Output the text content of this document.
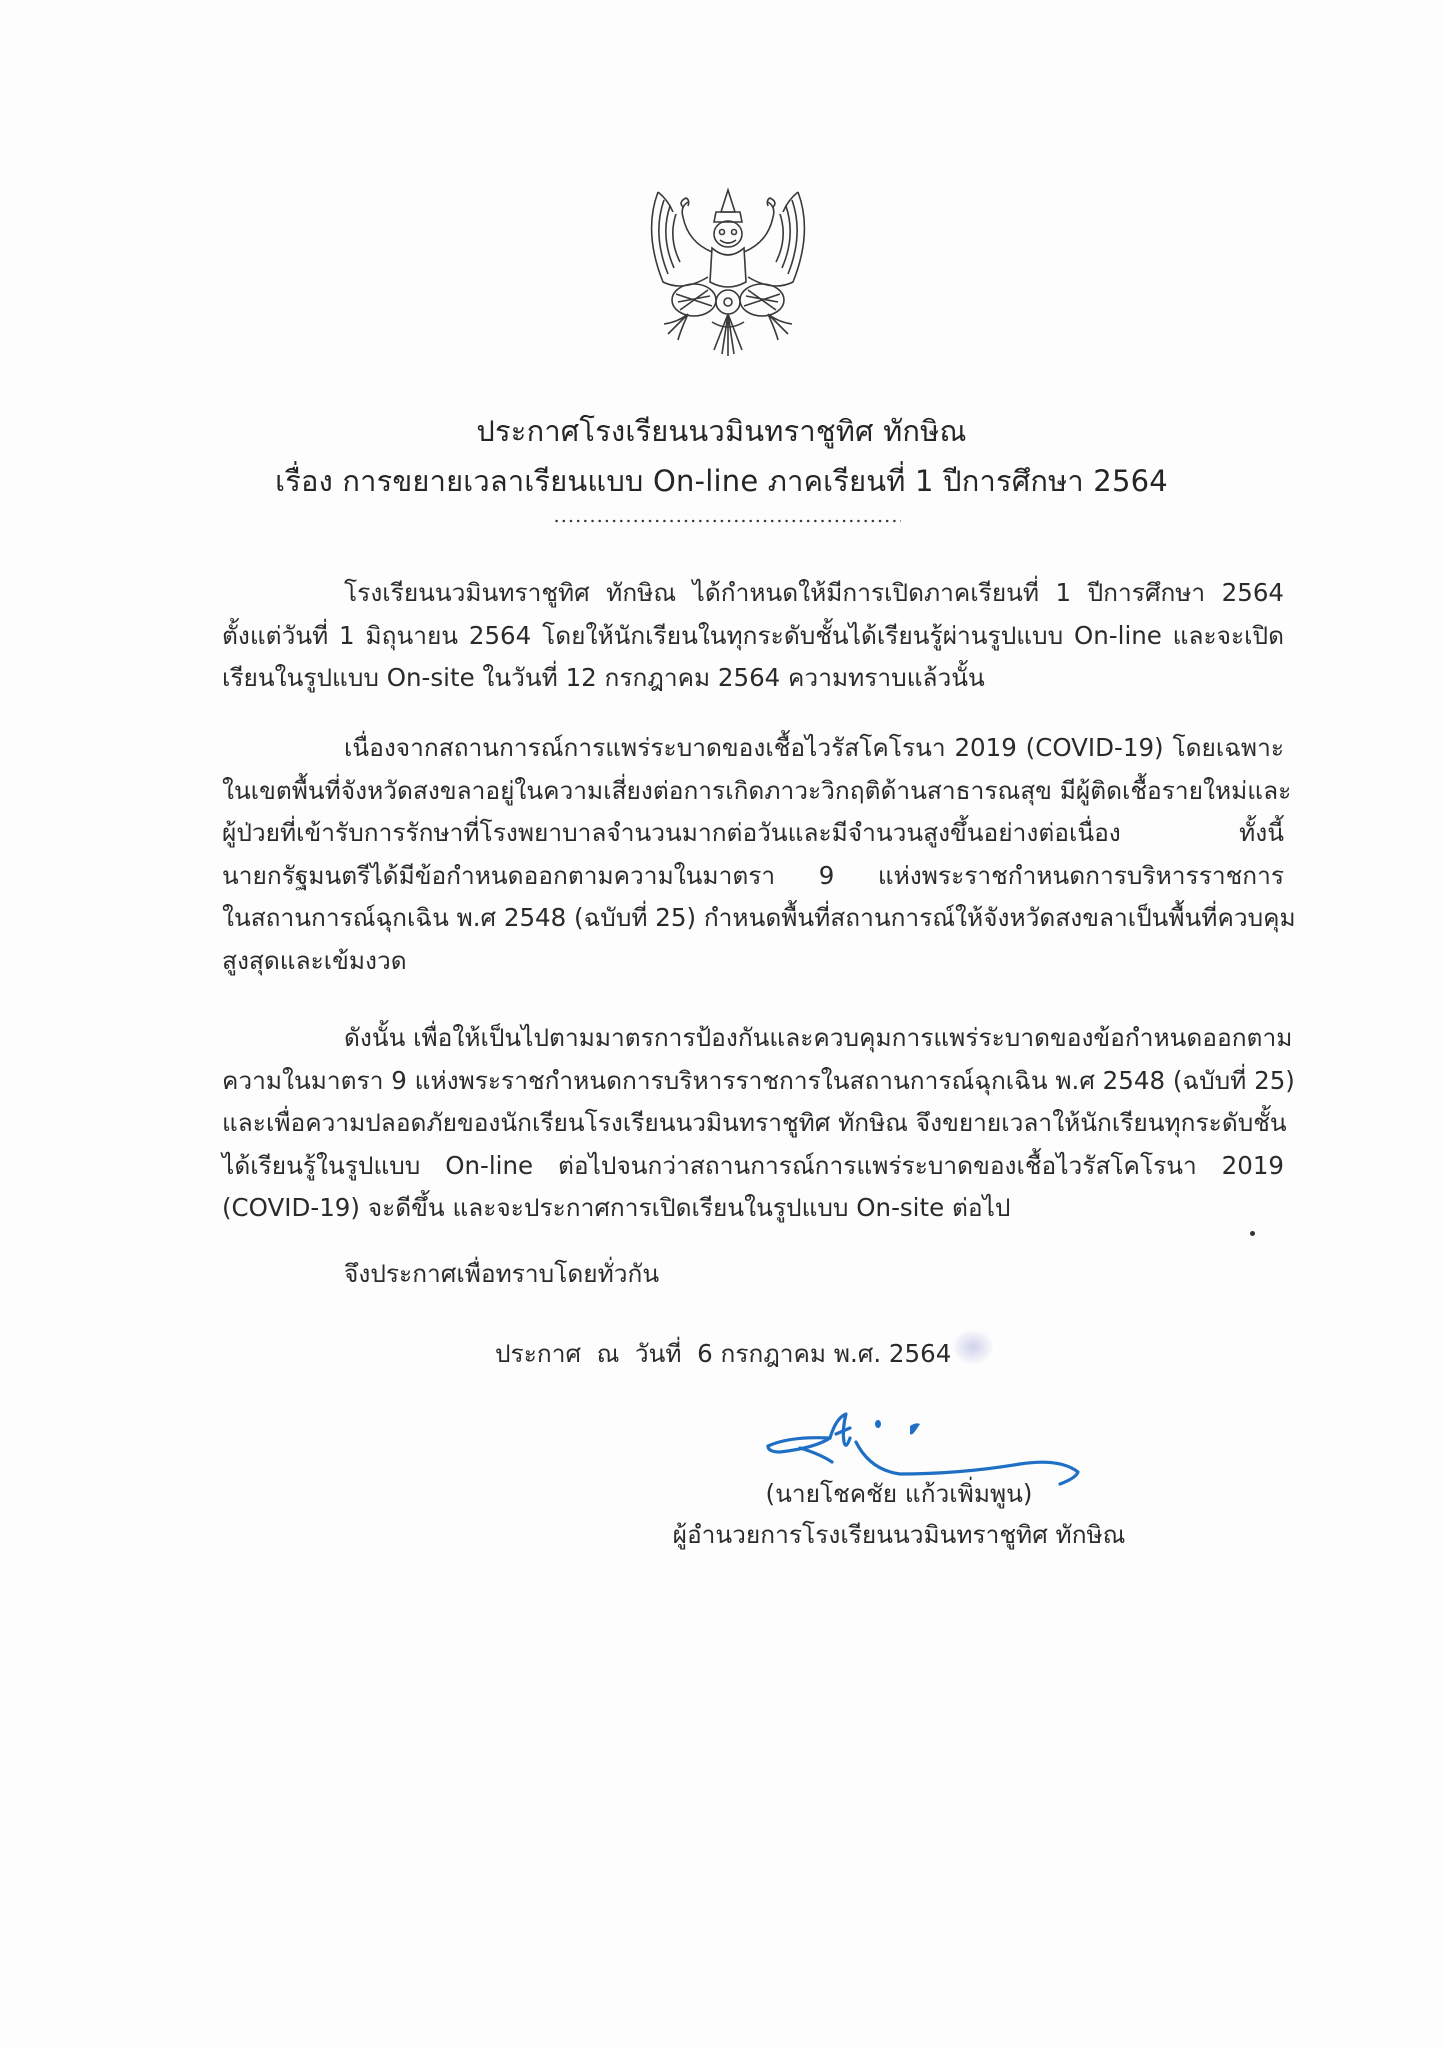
ประกาศโรงเรียนนวมินทราชูทิศ ทักษิณ
เรื่อง การขยายเวลาเรียนแบบ On-line ภาคเรียนที่ 1 ปีการศึกษา 2564
โรงเรียนนวมินทราชูทิศ ทักษิณ ได้กำหนดให้มีการเปิดภาคเรียนที่ 1 ปีการศึกษา 2564
ตั้งแต่วันที่ 1 มิถุนายน 2564 โดยให้นักเรียนในทุกระดับชั้นได้เรียนรู้ผ่านรูปแบบ On-line และจะเปิด
เรียนในรูปแบบ On-site ในวันที่ 12 กรกฎาคม 2564 ความทราบแล้วนั้น
เนื่องจากสถานการณ์การแพร่ระบาดของเชื้อไวรัสโคโรนา 2019 (COVID-19) โดยเฉพาะ
ในเขตพื้นที่จังหวัดสงขลาอยู่ในความเสี่ยงต่อการเกิดภาวะวิกฤติด้านสาธารณสุข มีผู้ติดเชื้อรายใหม่และ
ผู้ป่วยที่เข้ารับการรักษาที่โรงพยาบาลจำนวนมากต่อวันและมีจำนวนสูงขึ้นอย่างต่อเนื่อง ทั้งนี้
นายกรัฐมนตรีได้มีข้อกำหนดออกตามความในมาตรา 9 แห่งพระราชกำหนดการบริหารราชการ
ในสถานการณ์ฉุกเฉิน พ.ศ 2548 (ฉบับที่ 25) กำหนดพื้นที่สถานการณ์ให้จังหวัดสงขลาเป็นพื้นที่ควบคุม
สูงสุดและเข้มงวด
ดังนั้น เพื่อให้เป็นไปตามมาตรการป้องกันและควบคุมการแพร่ระบาดของข้อกำหนดออกตาม
ความในมาตรา 9 แห่งพระราชกำหนดการบริหารราชการในสถานการณ์ฉุกเฉิน พ.ศ 2548 (ฉบับที่ 25)
และเพื่อความปลอดภัยของนักเรียนโรงเรียนนวมินทราชูทิศ ทักษิณ จึงขยายเวลาให้นักเรียนทุกระดับชั้น
ได้เรียนรู้ในรูปแบบ On-line ต่อไปจนกว่าสถานการณ์การแพร่ระบาดของเชื้อไวรัสโคโรนา 2019
(COVID-19) จะดีขึ้น และจะประกาศการเปิดเรียนในรูปแบบ On-site ต่อไป
จึงประกาศเพื่อทราบโดยทั่วกัน
ประกาศ  ณ  วันที่  6 กรกฎาคม พ.ศ. 2564
(นายโชคชัย แก้วเพิ่มพูน)
ผู้อำนวยการโรงเรียนนวมินทราชูทิศ ทักษิณ
